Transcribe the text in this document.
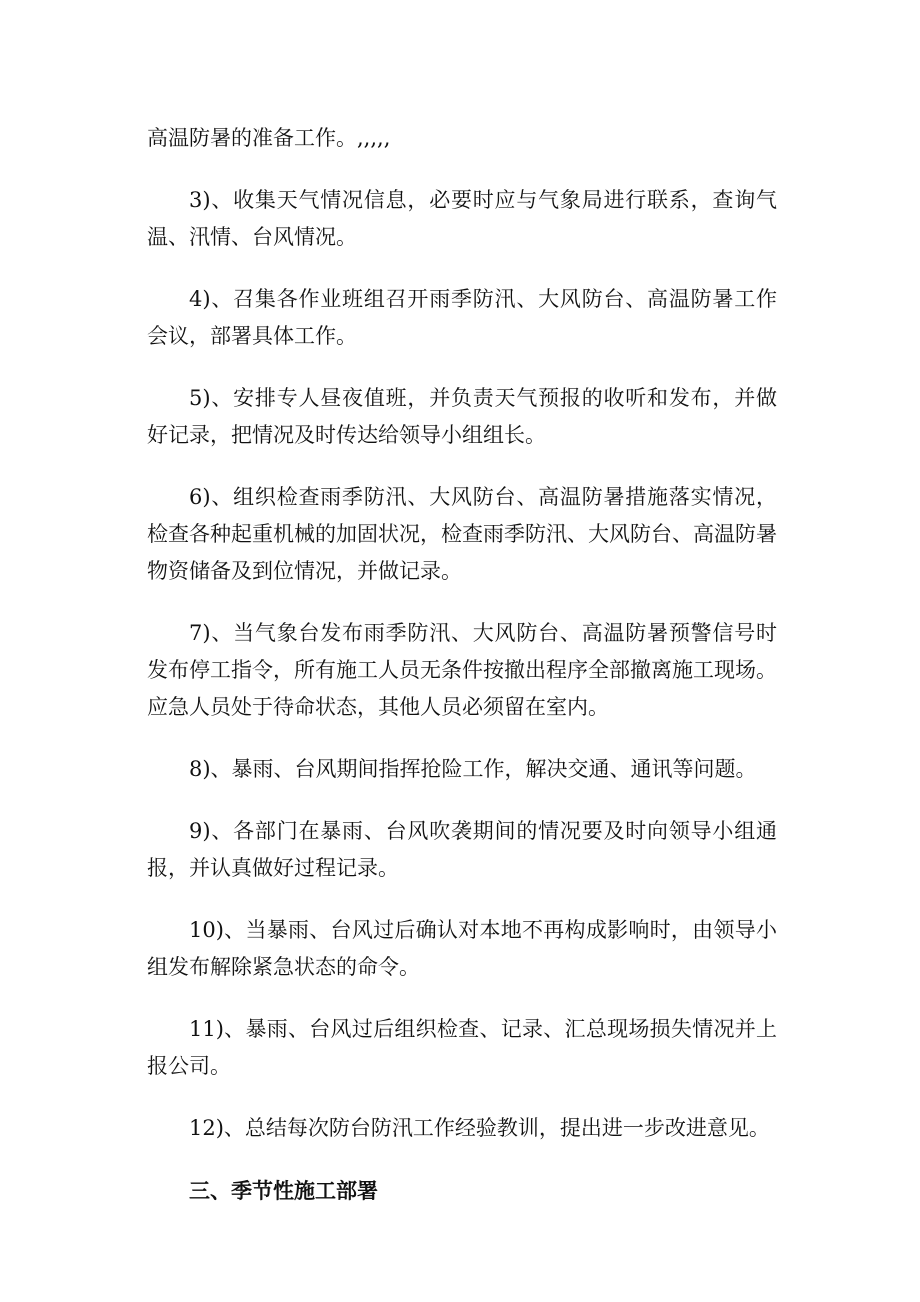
高温防暑的准备工作。,,,,,

3)、收集天气情况信息，必要时应与气象局进行联系，查询气温、汛情、台风情况。

4)、召集各作业班组召开雨季防汛、大风防台、高温防暑工作会议，部署具体工作。

5)、安排专人昼夜值班，并负责天气预报的收听和发布，并做好记录，把情况及时传达给领导小组组长。

6)、组织检查雨季防汛、大风防台、高温防暑措施落实情况，检查各种起重机械的加固状况，检查雨季防汛、大风防台、高温防暑物资储备及到位情况，并做记录。

7)、当气象台发布雨季防汛、大风防台、高温防暑预警信号时发布停工指令，所有施工人员无条件按撤出程序全部撤离施工现场。应急人员处于待命状态，其他人员必须留在室内。

8)、暴雨、台风期间指挥抢险工作，解决交通、通讯等问题。

9)、各部门在暴雨、台风吹袭期间的情况要及时向领导小组通报，并认真做好过程记录。

10)、当暴雨、台风过后确认对本地不再构成影响时，由领导小组发布解除紧急状态的命令。

11)、暴雨、台风过后组织检查、记录、汇总现场损失情况并上报公司。

12)、总结每次防台防汛工作经验教训，提出进一步改进意见。

三、季节性施工部署
